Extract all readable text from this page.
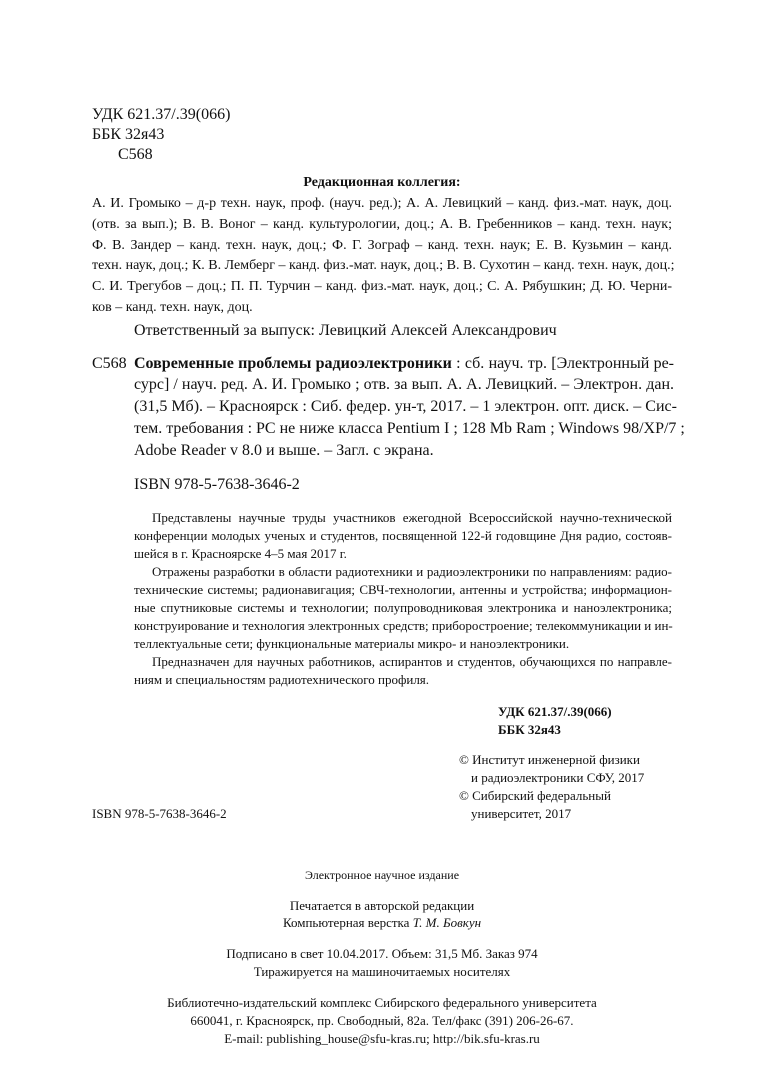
УДК 621.37/.39(066)
ББК 32я43
С568
Редакционная коллегия:
А. И. Громыко – д-р техн. наук, проф. (науч. ред.); А. А. Левицкий – канд. физ.-мат. наук, доц.
(отв. за вып.); В. В. Воног – канд. культурологии, доц.; А. В. Гребенников – канд. техн. наук;
Ф. В. Зандер – канд. техн. наук, доц.; Ф. Г. Зограф – канд. техн. наук; Е. В. Кузьмин – канд.
техн. наук, доц.; К. В. Лемберг – канд. физ.-мат. наук, доц.; В. В. Сухотин – канд. техн. наук, доц.;
С. И. Трегубов – доц.; П. П. Турчин – канд. физ.-мат. наук, доц.; С. А. Рябушкин; Д. Ю. Черни-
ков – канд. техн. наук, доц.
Ответственный за выпуск: Левицкий Алексей Александрович
С568 Современные проблемы радиоэлектроники : сб. науч. тр. [Электронный ре-
сурс] / науч. ред. А. И. Громыко ; отв. за вып. А. А. Левицкий. – Электрон. дан.
(31,5 Мб). – Красноярск : Сиб. федер. ун-т, 2017. – 1 электрон. опт. диск. – Сис-
тем. требования : PC не ниже класса Pentium I ; 128 Mb Ram ; Windows 98/XP/7 ;
Adobe Reader v 8.0 и выше. – Загл. с экрана.
ISBN 978-5-7638-3646-2
Представлены научные труды участников ежегодной Всероссийской научно-технической
конференции молодых ученых и студентов, посвященной 122-й годовщине Дня радио, состояв-
шейся в г. Красноярске 4–5 мая 2017 г.
Отражены разработки в области радиотехники и радиоэлектроники по направлениям: радио-
технические системы; радионавигация; СВЧ-технологии, антенны и устройства; информацион-
ные спутниковые системы и технологии; полупроводниковая электроника и наноэлектроника;
конструирование и технология электронных средств; приборостроение; телекоммуникации и ин-
теллектуальные сети; функциональные материалы микро- и наноэлектроники.
Предназначен для научных работников, аспирантов и студентов, обучающихся по направле-
ниям и специальностям радиотехнического профиля.
УДК 621.37/.39(066)
ББК 32я43
© Институт инженерной физики
и радиоэлектроники СФУ, 2017
© Сибирский федеральный
университет, 2017
ISBN 978-5-7638-3646-2
Электронное научное издание
Печатается в авторской редакции
Компьютерная верстка Т. М. Бовкун
Подписано в свет 10.04.2017. Объем: 31,5 Мб. Заказ 974
Тиражируется на машиночитаемых носителях
Библиотечно-издательский комплекс Сибирского федерального университета
660041, г. Красноярск, пр. Свободный, 82а. Тел/факс (391) 206-26-67.
E-mail: publishing_house@sfu-kras.ru; http://bik.sfu-kras.ru
